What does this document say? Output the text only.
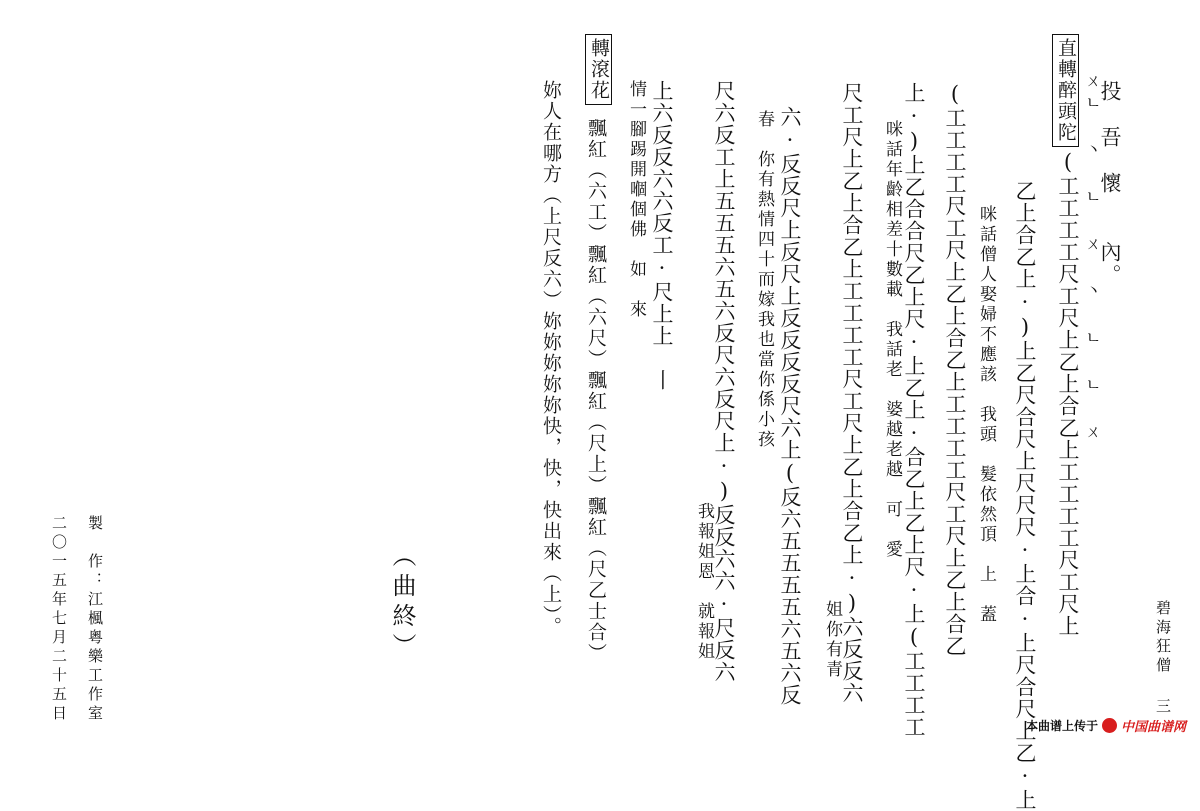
碧海狂僧 三
ㄨㄴ 丶 ㄴ ㄨ 丶 ㄴ ㄴ ㄨ
投　吾　懷　　內。
直轉醉頭陀
(工工工工尺工尺上乙上合乙上工工工工尺工尺上
乙上合乙上·)上乙尺合尺上尺尺尺·上合·上尺合尺上乙·上
咪話僧人娶婦不應該　我頭　髮依然頂　上　蓋
(工工工工尺工尺上乙上合乙上工工工工尺工尺上乙上合乙
上·)上乙合合尺乙上尺·上乙上·合乙上乙上尺·上(工工工工
咪話年齡相差十數載　我話老　婆越老越　可　愛
尺工尺上乙上合乙上工工工工尺工尺上乙上合乙上·)六反反六
姐你有青
六·反反尺上反尺上反反反反尺六上(反六五五五五六五六反
春　你有熱情四十而嫁我也當你係小孩
尺六反工上五五五六五六反尺六反尺上·)反反六六·尺反六
我報姐恩　就報姐
上六反反六六反工·尺上上　丨
情一腳踢開嗰個佛　如　來
轉滾花
飄紅（六工）飄紅（六尺）飄紅（尺上）飄紅（尺乙士合）
妳人在哪方（上尺反六）妳妳妳妳妳快，快，快出來（上）。
（曲終）
製　作：江楓粵樂工作室
二〇一五年七月二十五日
本曲谱上传于 中国曲谱网
